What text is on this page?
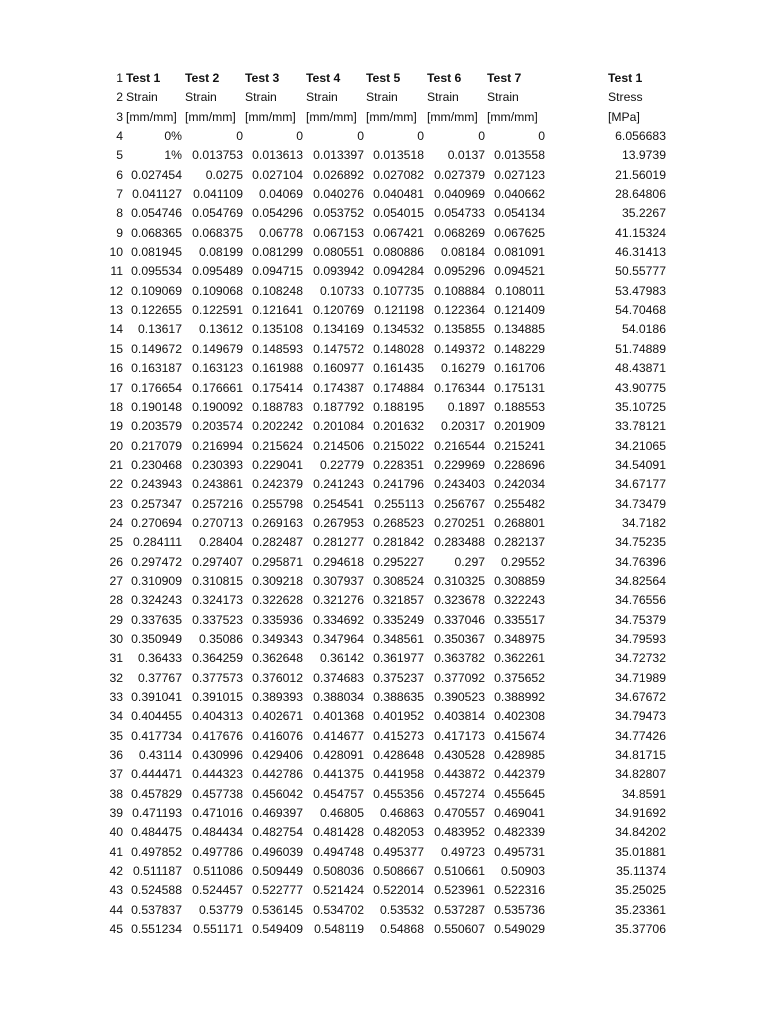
1 Test 1	Test 2	Test 3	Test 4	Test 5	Test 6	Test 7	Test 1
2 Strain	Strain	Strain	Strain	Strain	Strain	Strain	Stress
3 [mm/mm] [mm/mm] [mm/mm] [mm/mm] [mm/mm] [mm/mm] [mm/mm]	[MPa]
4	0%	0	0	0	0	0	0	6.056683
5	1% 0.013753 0.013613 0.013397 0.013518	0.0137 0.013558	13.9739
6 0.027454	0.0275 0.027104 0.026892 0.027082 0.027379 0.027123	21.56019
7 0.041127 0.041109	0.04069 0.040276 0.040481 0.040969 0.040662	28.64806
8 0.054746 0.054769 0.054296 0.053752 0.054015 0.054733 0.054134	35.2267
9 0.068365 0.068375	0.06778 0.067153 0.067421 0.068269 0.067625	41.15324
10 0.081945	0.08199 0.081299 0.080551 0.080886	0.08184 0.081091	46.31413
11 0.095534 0.095489 0.094715 0.093942 0.094284 0.095296 0.094521	50.55777
12 0.109069 0.109068 0.108248	0.10733 0.107735 0.108884 0.108011	53.47983
13 0.122655 0.122591 0.121641 0.120769 0.121198 0.122364 0.121409	54.70468
14	0.13617	0.13612 0.135108 0.134169 0.134532 0.135855 0.134885	54.0186
15 0.149672 0.149679 0.148593 0.147572 0.148028 0.149372 0.148229	51.74889
16 0.163187 0.163123 0.161988 0.160977 0.161435	0.16279 0.161706	48.43871
17 0.176654 0.176661 0.175414 0.174387 0.174884 0.176344 0.175131	43.90775
18 0.190148 0.190092 0.188783 0.187792 0.188195	0.1897 0.188553	35.10725
19 0.203579 0.203574 0.202242 0.201084 0.201632	0.20317 0.201909	33.78121
20 0.217079 0.216994 0.215624 0.214506 0.215022 0.216544 0.215241	34.21065
21 0.230468 0.230393 0.229041	0.22779 0.228351 0.229969 0.228696	34.54091
22 0.243943 0.243861 0.242379 0.241243 0.241796 0.243403 0.242034	34.67177
23 0.257347 0.257216 0.255798 0.254541 0.255113 0.256767 0.255482	34.73479
24 0.270694 0.270713 0.269163 0.267953 0.268523 0.270251 0.268801	34.7182
25 0.284111	0.28404 0.282487 0.281277 0.281842 0.283488 0.282137	34.75235
26 0.297472 0.297407 0.295871 0.294618 0.295227	0.297	0.29552	34.76396
27 0.310909 0.310815 0.309218 0.307937 0.308524 0.310325 0.308859	34.82564
28 0.324243 0.324173 0.322628 0.321276 0.321857 0.323678 0.322243	34.76556
29 0.337635 0.337523 0.335936 0.334692 0.335249 0.337046 0.335517	34.75379
30 0.350949	0.35086 0.349343 0.347964 0.348561 0.350367 0.348975	34.79593
31	0.36433 0.364259 0.362648	0.36142 0.361977 0.363782 0.362261	34.72732
32	0.37767 0.377573 0.376012 0.374683 0.375237 0.377092 0.375652	34.71989
33 0.391041 0.391015 0.389393 0.388034 0.388635 0.390523 0.388992	34.67672
34 0.404455 0.404313 0.402671 0.401368 0.401952 0.403814 0.402308	34.79473
35 0.417734 0.417676 0.416076 0.414677 0.415273 0.417173 0.415674	34.77426
36	0.43114 0.430996 0.429406 0.428091 0.428648 0.430528 0.428985	34.81715
37 0.444471 0.444323 0.442786 0.441375 0.441958 0.443872 0.442379	34.82807
38 0.457829 0.457738 0.456042 0.454757 0.455356 0.457274 0.455645	34.8591
39 0.471193 0.471016 0.469397	0.46805	0.46863 0.470557 0.469041	34.91692
40 0.484475 0.484434 0.482754 0.481428 0.482053 0.483952 0.482339	34.84202
41 0.497852 0.497786 0.496039 0.494748 0.495377	0.49723 0.495731	35.01881
42 0.511187 0.511086 0.509449 0.508036 0.508667 0.510661	0.50903	35.11374
43 0.524588 0.524457 0.522777 0.521424 0.522014 0.523961 0.522316	35.25025
44 0.537837	0.53779 0.536145 0.534702	0.53532 0.537287 0.535736	35.23361
45 0.551234 0.551171 0.549409 0.548119	0.54868 0.550607 0.549029	35.37706
